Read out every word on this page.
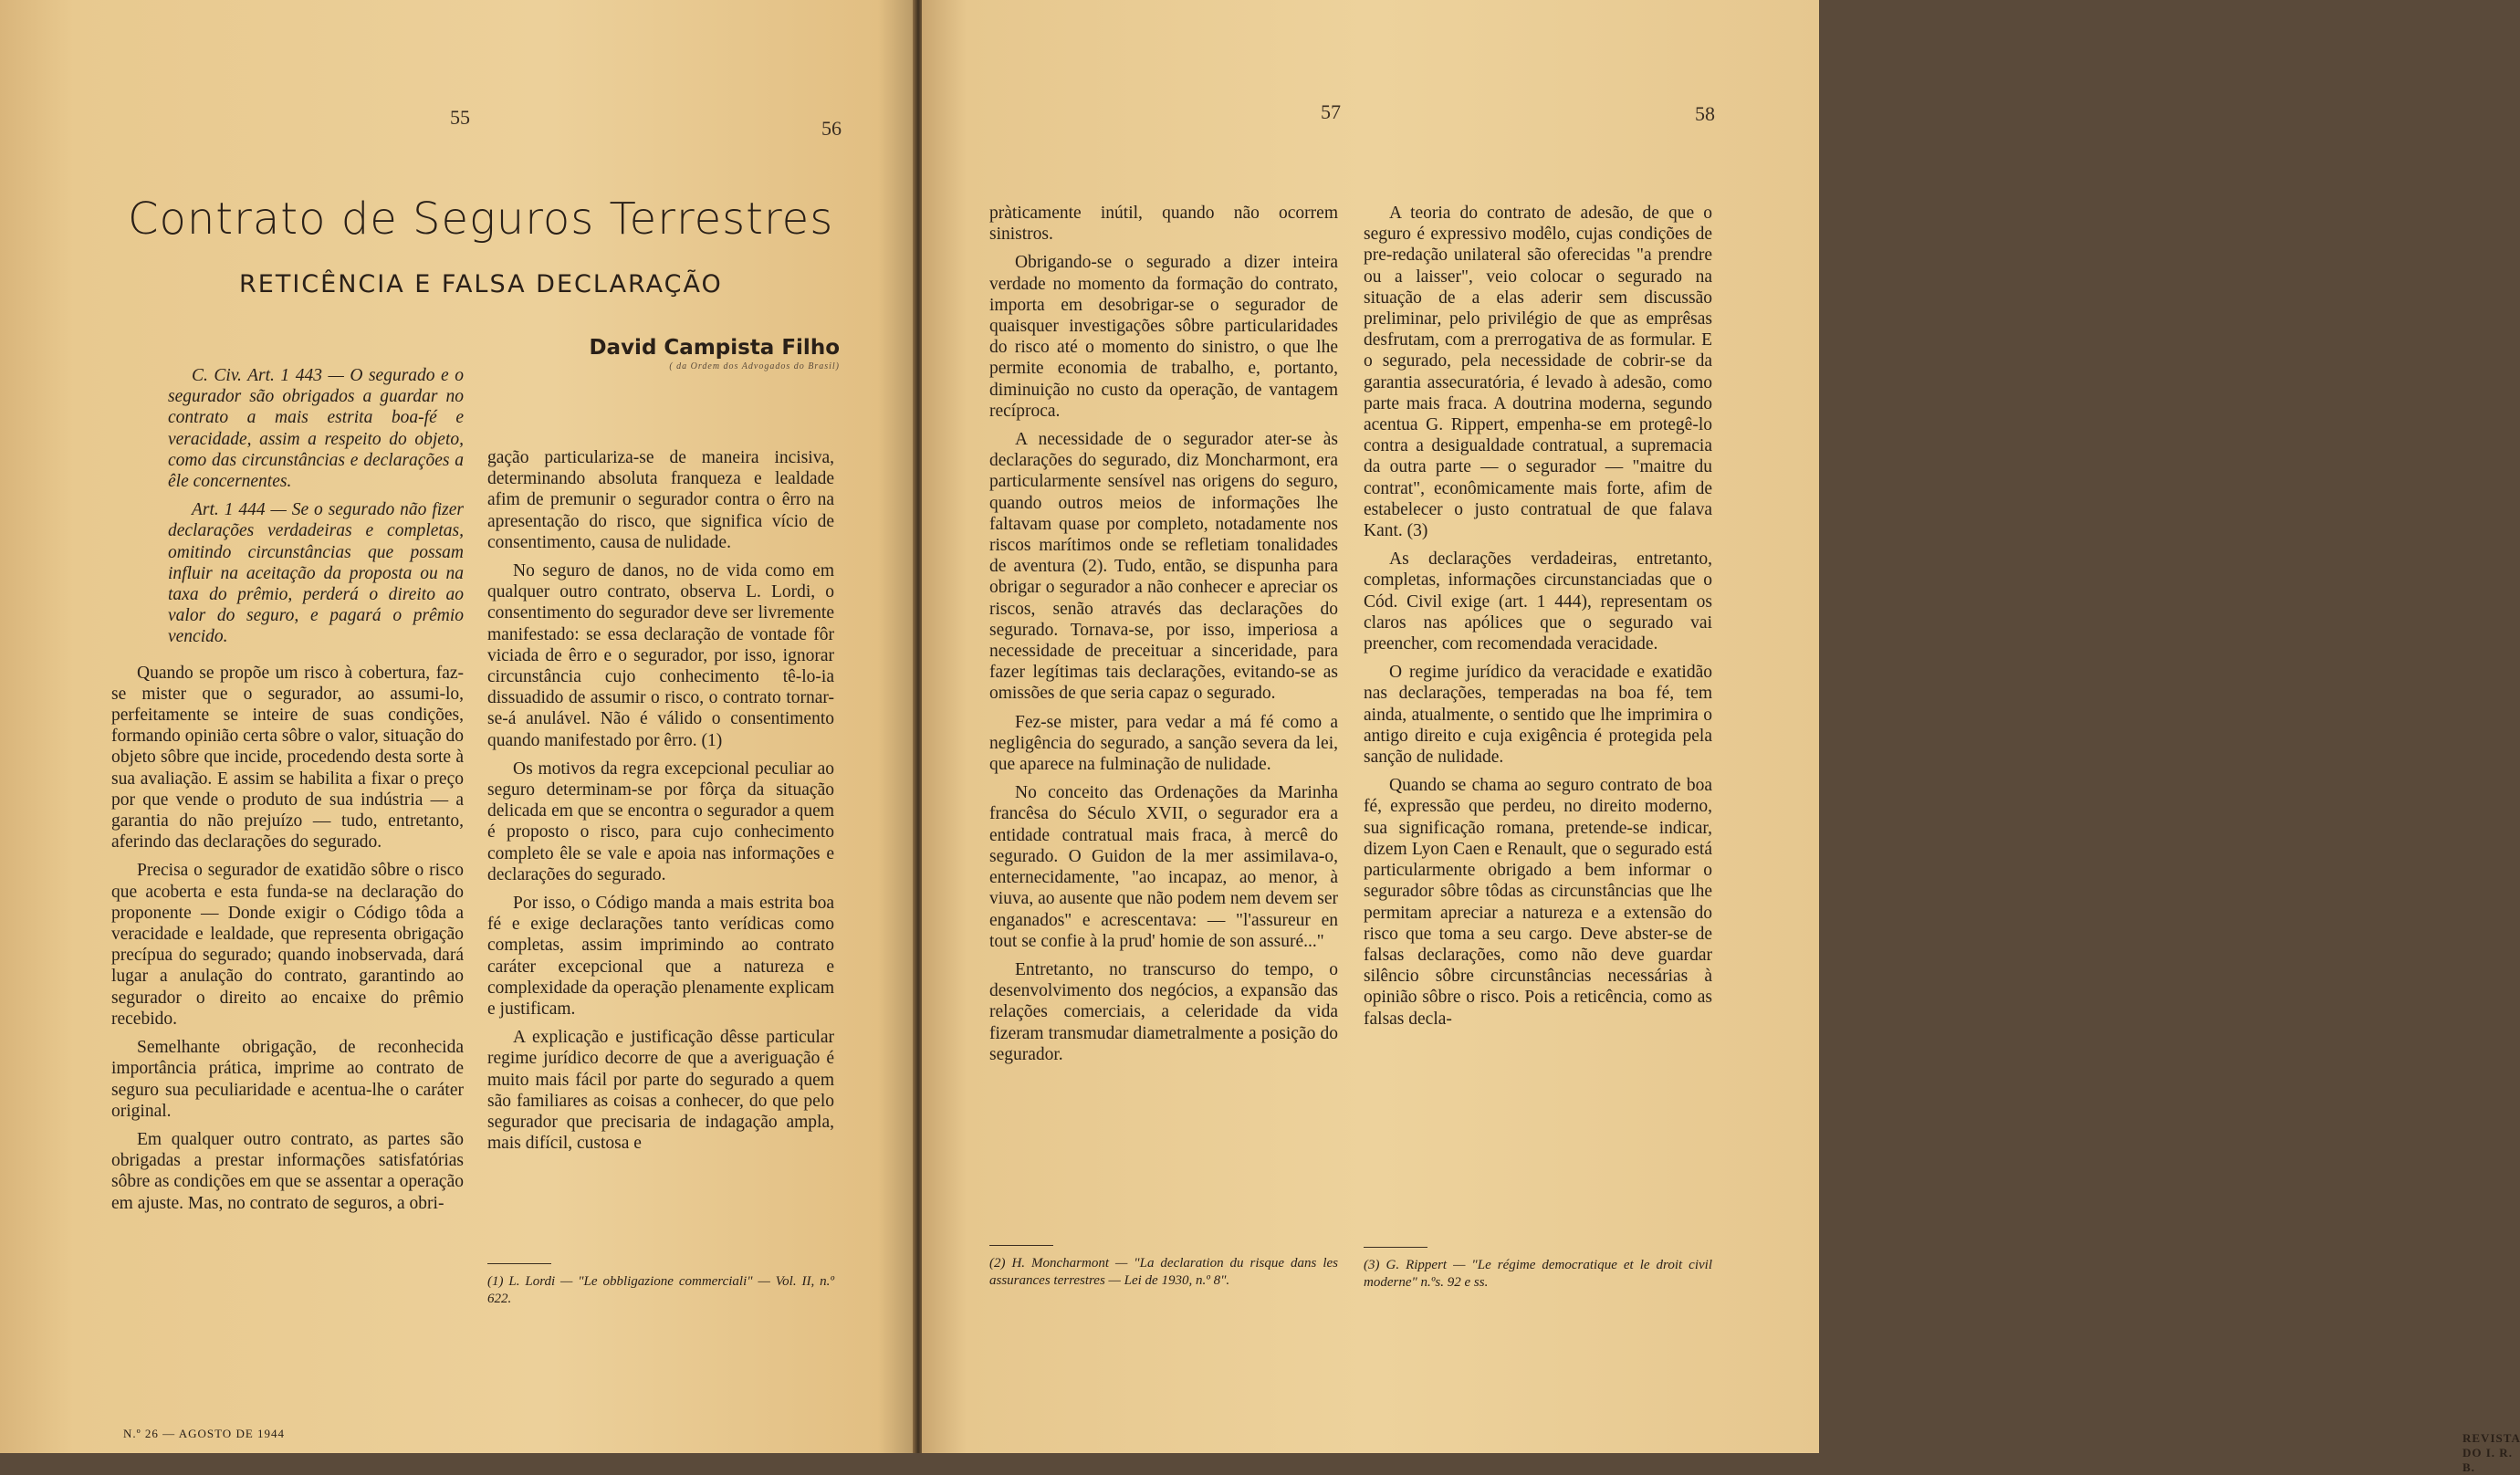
55	56
Contrato de Seguros Terrestres
RETICÊNCIA E FALSA DECLARAÇÃO
David Campista Filho
( da Ordem dos Advogados do Brasil)

C. Civ. Art. 1 443 — O segurado e o segurador são obrigados a guardar no contrato a mais estrita boa-fé e veracidade, assim a respeito do objeto, como das circunstâncias e declarações a êle concernentes.

Art. 1 444 — Se o segurado não fizer declarações verdadeiras e completas, omitindo circunstâncias que possam influir na aceitação da proposta ou na taxa do prêmio, perderá o direito ao valor do seguro, e pagará o prêmio vencido.

Quando se propõe um risco à cobertura, faz-se mister que o segurador, ao assumi-lo, perfeitamente se inteire de suas condições, formando opinião certa sôbre o valor, situação do objeto sôbre que incide, procedendo desta sorte à sua avaliação. E assim se habilita a fixar o preço por que vende o produto de sua indústria — a garantia do não prejuízo — tudo, entretanto, aferindo das declarações do segurado.

Precisa o segurador de exatidão sôbre o risco que acoberta e esta funda-se na declaração do proponente — Donde exigir o Código tôda a veracidade e lealdade, que representa obrigação precípua do segurado; quando inobservada, dará lugar a anulação do contrato, garantindo ao segurador o direito ao encaixe do prêmio recebido.

Semelhante obrigação, de reconhecida importância prática, imprime ao contrato de seguro sua peculiaridade e acentua-lhe o caráter original.

Em qualquer outro contrato, as partes são obrigadas a prestar informações satisfatórias sôbre as condições em que se assentar a operação em ajuste. Mas, no contrato de seguros, a obri-

gação particulariza-se de maneira incisiva, determinando absoluta franqueza e lealdade afim de premunir o segurador contra o êrro na apresentação do risco, que significa vício de consentimento, causa de nulidade.

No seguro de danos, no de vida como em qualquer outro contrato, observa L. Lordi, o consentimento do segurador deve ser livremente manifestado: se essa declaração de vontade fôr viciada de êrro e o segurador, por isso, ignorar circunstância cujo conhecimento tê-lo-ia dissuadido de assumir o risco, o contrato tornar-se-á anulável. Não é válido o consentimento quando manifestado por êrro. (1)

Os motivos da regra excepcional peculiar ao seguro determinam-se por fôrça da situação delicada em que se encontra o segurador a quem é proposto o risco, para cujo conhecimento completo êle se vale e apoia nas informações e declarações do segurado.

Por isso, o Código manda a mais estrita boa fé e exige declarações tanto verídicas como completas, assim imprimindo ao contrato caráter excepcional que a natureza e complexidade da operação plenamente explicam e justificam.

A explicação e justificação dêsse particular regime jurídico decorre de que a averiguação é muito mais fácil por parte do segurado a quem são familiares as coisas a conhecer, do que pelo segurador que precisaria de indagação ampla, mais difícil, custosa e

(1) L. Lordi — "Le obbligazione commerciali" — Vol. II, n.º 622.
N.º 26 — AGOSTO DE 1944
57	58

pràticamente inútil, quando não ocorrem sinistros.

Obrigando-se o segurado a dizer inteira verdade no momento da formação do contrato, importa em desobrigar-se o segurador de quaisquer investigações sôbre particularidades do risco até o momento do sinistro, o que lhe permite economia de trabalho, e, portanto, diminuição no custo da operação, de vantagem recíproca.

A necessidade de o segurador ater-se às declarações do segurado, diz Moncharmont, era particularmente sensível nas origens do seguro, quando outros meios de informações lhe faltavam quase por completo, notadamente nos riscos marítimos onde se refletiam tonalidades de aventura (2). Tudo, então, se dispunha para obrigar o segurador a não conhecer e apreciar os riscos, senão através das declarações do segurado. Tornava-se, por isso, imperiosa a necessidade de preceituar a sinceridade, para fazer legítimas tais declarações, evitando-se as omissões de que seria capaz o segurado.

Fez-se mister, para vedar a má fé como a negligência do segurado, a sanção severa da lei, que aparece na fulminação de nulidade.

No conceito das Ordenações da Marinha francêsa do Século XVII, o segurador era a entidade contratual mais fraca, à mercê do segurado. O Guidon de la mer assimilava-o, enternecidamente, "ao incapaz, ao menor, à viuva, ao ausente que não podem nem devem ser enganados" e acrescentava: — "l'assureur en tout se confie à la prud' homie de son assuré..."

Entretanto, no transcurso do tempo, o desenvolvimento dos negócios, a expansão das relações comerciais, a celeridade da vida fizeram transmudar diametralmente a posição do segurador.

(2) H. Moncharmont — "La declaration du risque dans les assurances terrestres — Lei de 1930, n.º 8".

A teoria do contrato de adesão, de que o seguro é expressivo modêlo, cujas condições de pre-redação unilateral são oferecidas "a prendre ou a laisser", veio colocar o segurado na situação de a elas aderir sem discussão preliminar, pelo privilégio de que as emprêsas desfrutam, com a prerrogativa de as formular. E o segurado, pela necessidade de cobrir-se da garantia assecuratória, é levado à adesão, como parte mais fraca. A doutrina moderna, segundo acentua G. Rippert, empenha-se em protegê-lo contra a desigualdade contratual, a supremacia da outra parte — o segurador — "maitre du contrat", econômicamente mais forte, afim de estabelecer o justo contratual de que falava Kant. (3)

As declarações verdadeiras, entretanto, completas, informações circunstanciadas que o Cód. Civil exige (art. 1 444), representam os claros nas apólices que o segurado vai preencher, com recomendada veracidade.

O regime jurídico da veracidade e exatidão nas declarações, temperadas na boa fé, tem ainda, atualmente, o sentido que lhe imprimira o antigo direito e cuja exigência é protegida pela sanção de nulidade.

Quando se chama ao seguro contrato de boa fé, expressão que perdeu, no direito moderno, sua significação romana, pretende-se indicar, dizem Lyon Caen e Renault, que o segurado está particularmente obrigado a bem informar o segurador sôbre tôdas as circunstâncias que lhe permitam apreciar a natureza e a extensão do risco que toma a seu cargo. Deve abster-se de falsas declarações, como não deve guardar silêncio sôbre circunstâncias necessárias à opinião sôbre o risco. Pois a reticência, como as falsas decla-

(3) G. Rippert — "Le régime democratique et le droit civil moderne" n.ºs. 92 e ss.
REVISTA DO I. R. B.
